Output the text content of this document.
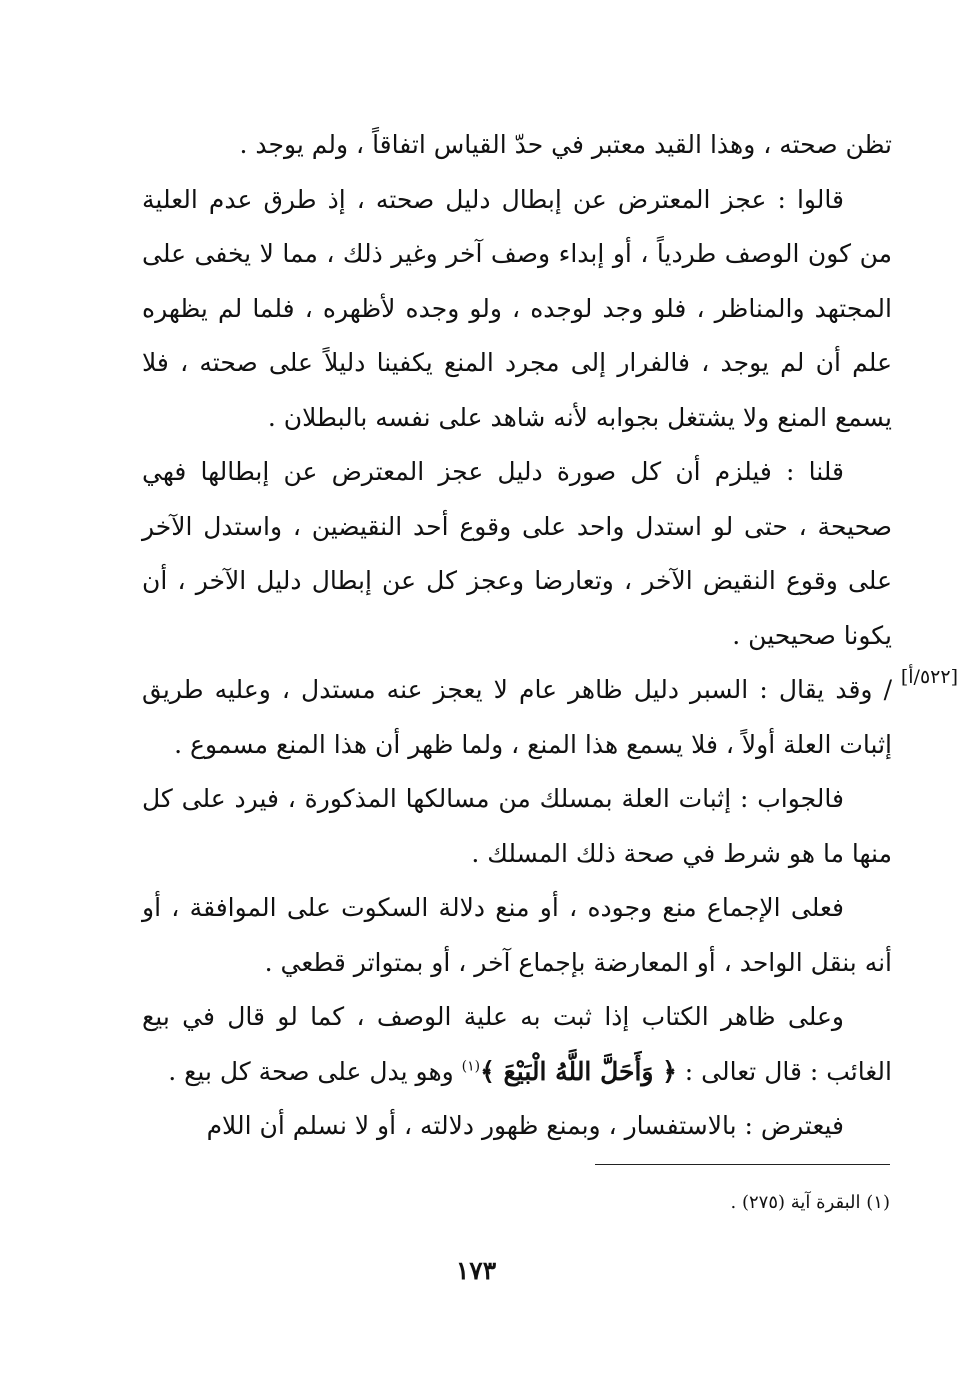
تظن صحته ، وهذا القيد معتبر في حدّ القياس اتفاقاً ، ولم يوجد .

قالوا : عجز المعترض عن إبطال دليل صحته ، إذ طرق عدم العلية من كون الوصف طردياً ، أو إبداء وصف آخر وغير ذلك ، مما لا يخفى على المجتهد والمناظر ، فلو وجد لوجده ، ولو وجده لأظهره ، فلما لم يظهره علم أن لم يوجد ، فالفرار إلى مجرد المنع يكفينا دليلاً على صحته ، فلا يسمع المنع ولا يشتغل بجوابه لأنه شاهد على نفسه بالبطلان .

قلنا : فيلزم أن كل صورة دليل عجز المعترض عن إبطالها فهي صحيحة ، حتى لو استدل واحد على وقوع أحد النقيضين ، واستدل الآخر على وقوع النقيض الآخر ، وتعارضا وعجز كل عن إبطال دليل الآخر ، أن يكونا صحيحين .

/ وقد يقال : السبر دليل ظاهر عام لا يعجز عنه مستدل ، وعليه طريق إثبات العلة أولاً ، فلا يسمع هذا المنع ، ولما ظهر أن هذا المنع مسموع .

فالجواب : إثبات العلة بمسلك من مسالكها المذكورة ، فيرد على كل منها ما هو شرط في صحة ذلك المسلك .

فعلى الإجماع منع وجوده ، أو منع دلالة السكوت على الموافقة ، أو أنه بنقل الواحد ، أو المعارضة بإجماع آخر ، أو بمتواتر قطعي .

وعلى ظاهر الكتاب إذا ثبت به علية الوصف ، كما لو قال في بيع الغائب : قال تعالى : ﴿ وَأَحَلَّ اللَّهُ الْبَيْعَ ﴾$^{(١)}$ وهو يدل على صحة كل بيع .

فيعترض : بالاستفسار ، وبمنع ظهور دلالته ، أو لا نسلم أن اللام

[٥٢٢/أ]
(١) البقرة آية (٢٧٥) .
١٧٣
